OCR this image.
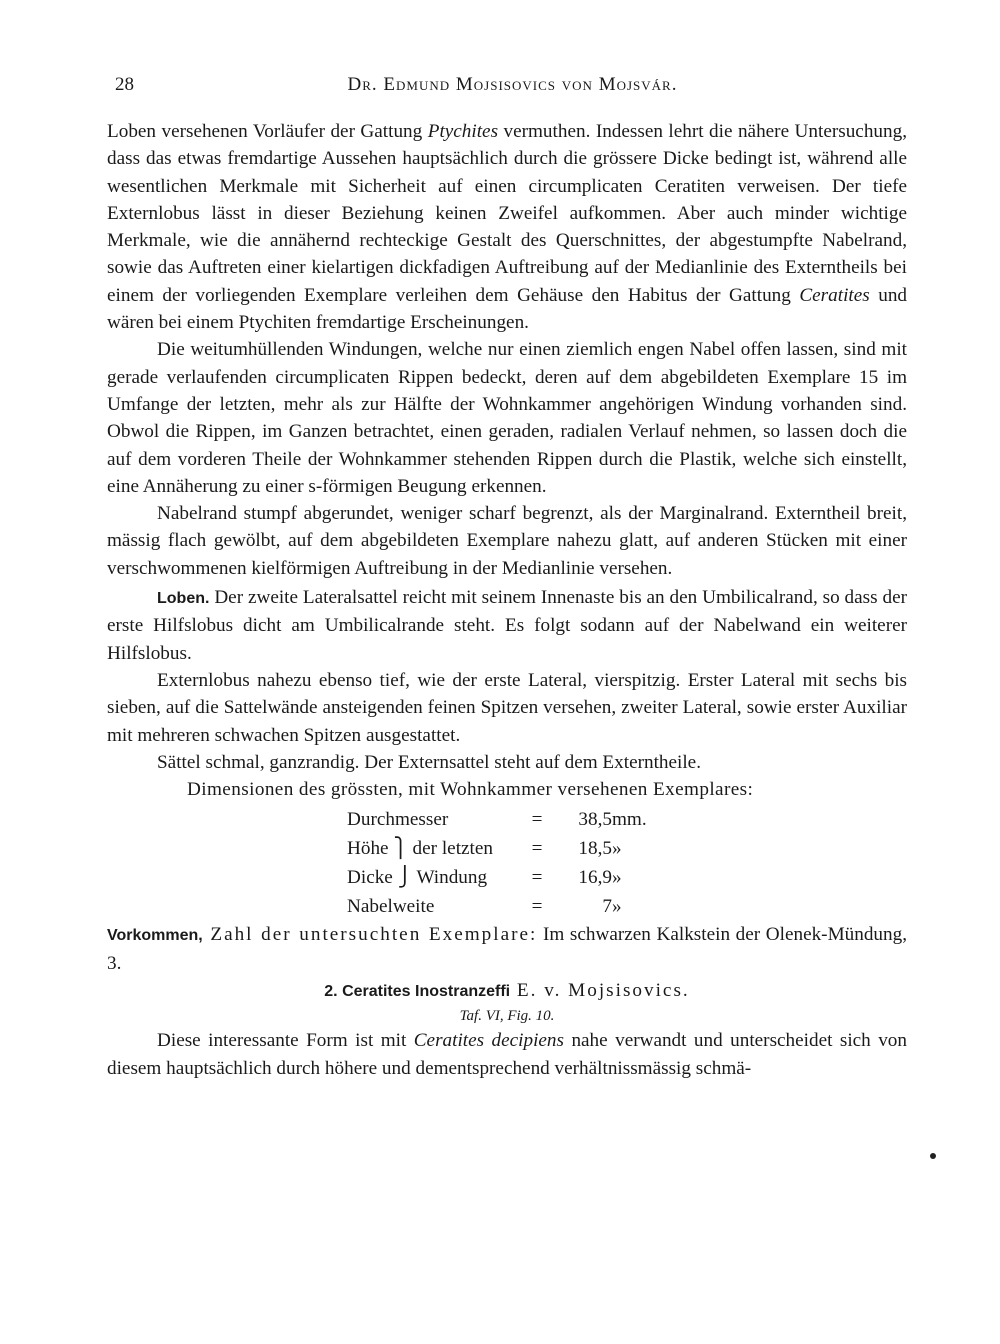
28	Dr. Edmund Mojsisovics von Mojsvár.

Loben versehenen Vorläufer der Gattung Ptychites vermuthen. Indessen lehrt die nähere Untersuchung, dass das etwas fremdartige Aussehen hauptsächlich durch die grössere Dicke bedingt ist, während alle wesentlichen Merkmale mit Sicherheit auf einen circumplicaten Ceratiten verweisen. Der tiefe Externlobus lässt in dieser Beziehung keinen Zweifel aufkommen. Aber auch minder wichtige Merkmale, wie die annähernd rechteckige Gestalt des Querschnittes, der abgestumpfte Nabelrand, sowie das Auftreten einer kielartigen dickfadigen Auftreibung auf der Medianlinie des Externtheils bei einem der vorliegenden Exemplare verleihen dem Gehäuse den Habitus der Gattung Ceratites und wären bei einem Ptychiten fremdartige Erscheinungen.

Die weitumhüllenden Windungen, welche nur einen ziemlich engen Nabel offen lassen, sind mit gerade verlaufenden circumplicaten Rippen bedeckt, deren auf dem abgebildeten Exemplare 15 im Umfange der letzten, mehr als zur Hälfte der Wohnkammer angehörigen Windung vorhanden sind. Obwol die Rippen, im Ganzen betrachtet, einen geraden, radialen Verlauf nehmen, so lassen doch die auf dem vorderen Theile der Wohnkammer stehenden Rippen durch die Plastik, welche sich einstellt, eine Annäherung zu einer s-förmigen Beugung erkennen.

Nabelrand stumpf abgerundet, weniger scharf begrenzt, als der Marginalrand. Externtheil breit, mässig flach gewölbt, auf dem abgebildeten Exemplare nahezu glatt, auf anderen Stücken mit einer verschwommenen kielförmigen Auftreibung in der Medianlinie versehen.

Loben. Der zweite Lateralsattel reicht mit seinem Innenaste bis an den Umbilicalrand, so dass der erste Hilfslobus dicht am Umbilicalrande steht. Es folgt sodann auf der Nabelwand ein weiterer Hilfslobus.

Externlobus nahezu ebenso tief, wie der erste Lateral, vierspitzig. Erster Lateral mit sechs bis sieben, auf die Sattelwände ansteigenden feinen Spitzen versehen, zweiter Lateral, sowie erster Auxiliar mit mehreren schwachen Spitzen ausgestattet.

Sättel schmal, ganzrandig. Der Externsattel steht auf dem Externtheile.

Dimensionen des grössten, mit Wohnkammer versehenen Exemplares:

Durchmesser	=	38,5	mm.
Höhe ⎫ der letzten	=	18,5	»
Dicke ⎭ Windung	=	16,9	»
Nabelweite	=	7	»

Vorkommen, Zahl der untersuchten Exemplare: Im schwarzen Kalkstein der Olenek-Mündung, 3.

2. Ceratites Inostranzeffi E. v. Mojsisovics.

Taf. VI, Fig. 10.

Diese interessante Form ist mit Ceratites decipiens nahe verwandt und unterscheidet sich von diesem hauptsächlich durch höhere und dementsprechend verhältnissmässig schmä-
